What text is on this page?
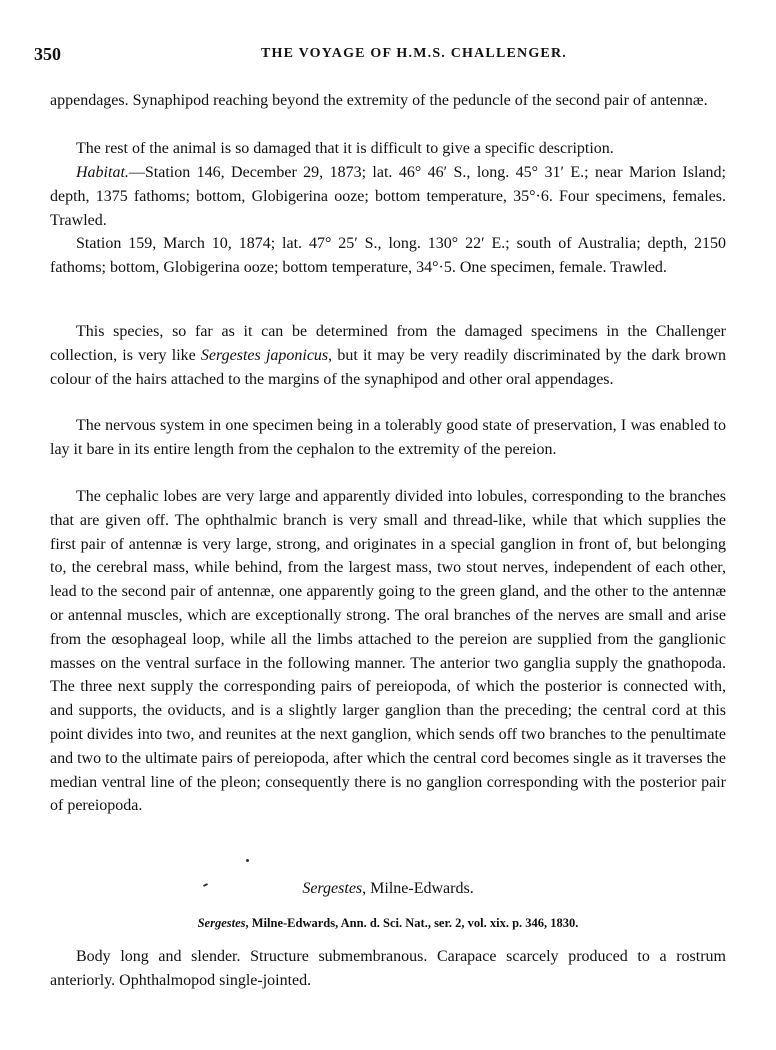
350	THE VOYAGE OF H.M.S. CHALLENGER.

appendages. Synaphipod reaching beyond the extremity of the peduncle of the second pair of antennæ.

The rest of the animal is so damaged that it is difficult to give a specific description.

Habitat.—Station 146, December 29, 1873; lat. 46° 46′ S., long. 45° 31′ E.; near Marion Island; depth, 1375 fathoms; bottom, Globigerina ooze; bottom temperature, 35°·6. Four specimens, females. Trawled.

Station 159, March 10, 1874; lat. 47° 25′ S., long. 130° 22′ E.; south of Australia; depth, 2150 fathoms; bottom, Globigerina ooze; bottom temperature, 34°·5. One specimen, female. Trawled.

This species, so far as it can be determined from the damaged specimens in the Challenger collection, is very like Sergestes japonicus, but it may be very readily discriminated by the dark brown colour of the hairs attached to the margins of the synaphipod and other oral appendages.

The nervous system in one specimen being in a tolerably good state of preservation, I was enabled to lay it bare in its entire length from the cephalon to the extremity of the pereion.

The cephalic lobes are very large and apparently divided into lobules, corresponding to the branches that are given off. The ophthalmic branch is very small and thread-like, while that which supplies the first pair of antennæ is very large, strong, and originates in a special ganglion in front of, but belonging to, the cerebral mass, while behind, from the largest mass, two stout nerves, independent of each other, lead to the second pair of antennæ, one apparently going to the green gland, and the other to the antennæ or antennal muscles, which are exceptionally strong. The oral branches of the nerves are small and arise from the œsophageal loop, while all the limbs attached to the pereion are supplied from the ganglionic masses on the ventral surface in the following manner. The anterior two ganglia supply the gnathopoda. The three next supply the corresponding pairs of pereiopoda, of which the posterior is connected with, and supports, the oviducts, and is a slightly larger ganglion than the preceding; the central cord at this point divides into two, and reunites at the next ganglion, which sends off two branches to the penultimate and two to the ultimate pairs of pereiopoda, after which the central cord becomes single as it traverses the median ventral line of the pleon; consequently there is no ganglion corresponding with the posterior pair of pereiopoda.

Sergestes, Milne-Edwards.
Sergestes, Milne-Edwards, Ann. d. Sci. Nat., ser. 2, vol. xix. p. 346, 1830.

Body long and slender. Structure submembranous. Carapace scarcely produced to a rostrum anteriorly. Ophthalmopod single-jointed.
